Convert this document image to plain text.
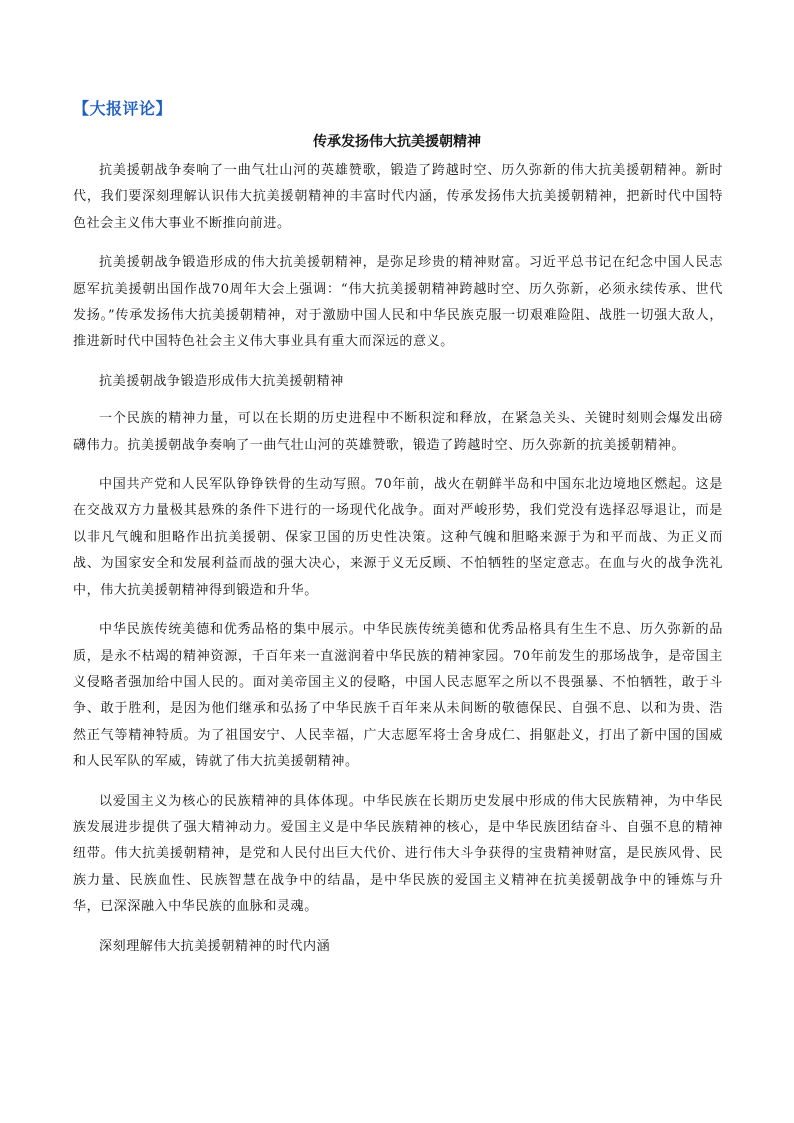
【大报评论】
传承发扬伟大抗美援朝精神

抗美援朝战争奏响了一曲气壮山河的英雄赞歌，锻造了跨越时空、历久弥新的伟大抗美援朝精神。新时代，我们要深刻理解认识伟大抗美援朝精神的丰富时代内涵，传承发扬伟大抗美援朝精神，把新时代中国特色社会主义伟大事业不断推向前进。

抗美援朝战争锻造形成的伟大抗美援朝精神，是弥足珍贵的精神财富。习近平总书记在纪念中国人民志愿军抗美援朝出国作战70周年大会上强调：“伟大抗美援朝精神跨越时空、历久弥新，必须永续传承、世代发扬。”传承发扬伟大抗美援朝精神，对于激励中国人民和中华民族克服一切艰难险阻、战胜一切强大敌人，推进新时代中国特色社会主义伟大事业具有重大而深远的意义。

抗美援朝战争锻造形成伟大抗美援朝精神

一个民族的精神力量，可以在长期的历史进程中不断积淀和释放，在紧急关头、关键时刻则会爆发出磅礴伟力。抗美援朝战争奏响了一曲气壮山河的英雄赞歌，锻造了跨越时空、历久弥新的抗美援朝精神。

中国共产党和人民军队铮铮铁骨的生动写照。70年前，战火在朝鲜半岛和中国东北边境地区燃起。这是在交战双方力量极其悬殊的条件下进行的一场现代化战争。面对严峻形势，我们党没有选择忍辱退让，而是以非凡气魄和胆略作出抗美援朝、保家卫国的历史性决策。这种气魄和胆略来源于为和平而战、为正义而战、为国家安全和发展利益而战的强大决心，来源于义无反顾、不怕牺牲的坚定意志。在血与火的战争洗礼中，伟大抗美援朝精神得到锻造和升华。

中华民族传统美德和优秀品格的集中展示。中华民族传统美德和优秀品格具有生生不息、历久弥新的品质，是永不枯竭的精神资源，千百年来一直滋润着中华民族的精神家园。70年前发生的那场战争，是帝国主义侵略者强加给中国人民的。面对美帝国主义的侵略，中国人民志愿军之所以不畏强暴、不怕牺牲，敢于斗争、敢于胜利，是因为他们继承和弘扬了中华民族千百年来从未间断的敬德保民、自强不息、以和为贵、浩然正气等精神特质。为了祖国安宁、人民幸福，广大志愿军将士舍身成仁、捐躯赴义，打出了新中国的国威和人民军队的军威，铸就了伟大抗美援朝精神。

以爱国主义为核心的民族精神的具体体现。中华民族在长期历史发展中形成的伟大民族精神，为中华民族发展进步提供了强大精神动力。爱国主义是中华民族精神的核心，是中华民族团结奋斗、自强不息的精神纽带。伟大抗美援朝精神，是党和人民付出巨大代价、进行伟大斗争获得的宝贵精神财富，是民族风骨、民族力量、民族血性、民族智慧在战争中的结晶，是中华民族的爱国主义精神在抗美援朝战争中的锤炼与升华，已深深融入中华民族的血脉和灵魂。

深刻理解伟大抗美援朝精神的时代内涵
